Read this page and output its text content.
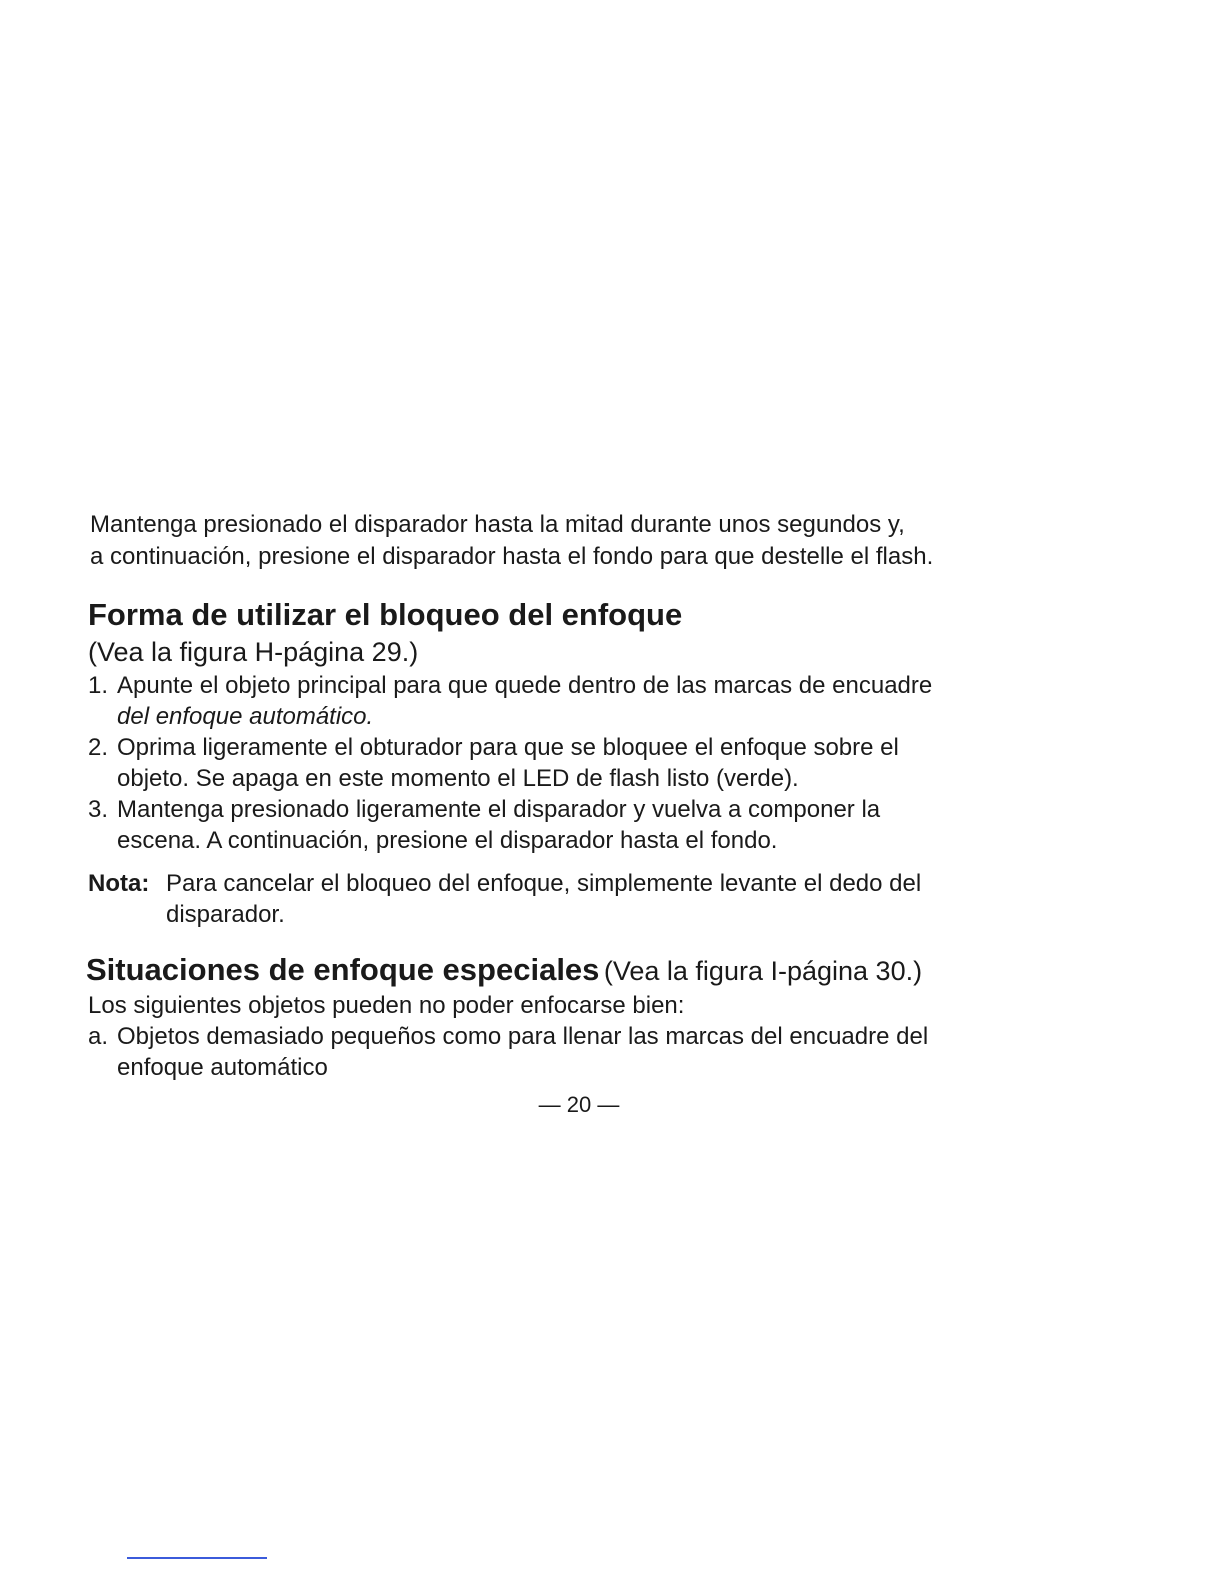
Mantenga presionado el disparador hasta la mitad durante unos segundos y,
a continuación, presione el disparador hasta el fondo para que destelle el flash.
Forma de utilizar el bloqueo del enfoque
(Vea la figura H-página 29.)
1. Apunte el objeto principal para que quede dentro de las marcas de encuadre
del enfoque automático.
2. Oprima ligeramente el obturador para que se bloquee el enfoque sobre el
objeto. Se apaga en este momento el LED de flash listo (verde).
3. Mantenga presionado ligeramente el disparador y vuelva a componer la
escena. A continuación, presione el disparador hasta el fondo.
Nota: Para cancelar el bloqueo del enfoque, simplemente levante el dedo del
disparador.
Situaciones de enfoque especiales (Vea la figura I-página 30.)
Los siguientes objetos pueden no poder enfocarse bien:
a. Objetos demasiado pequeños como para llenar las marcas del encuadre del
enfoque automático
— 20 —
